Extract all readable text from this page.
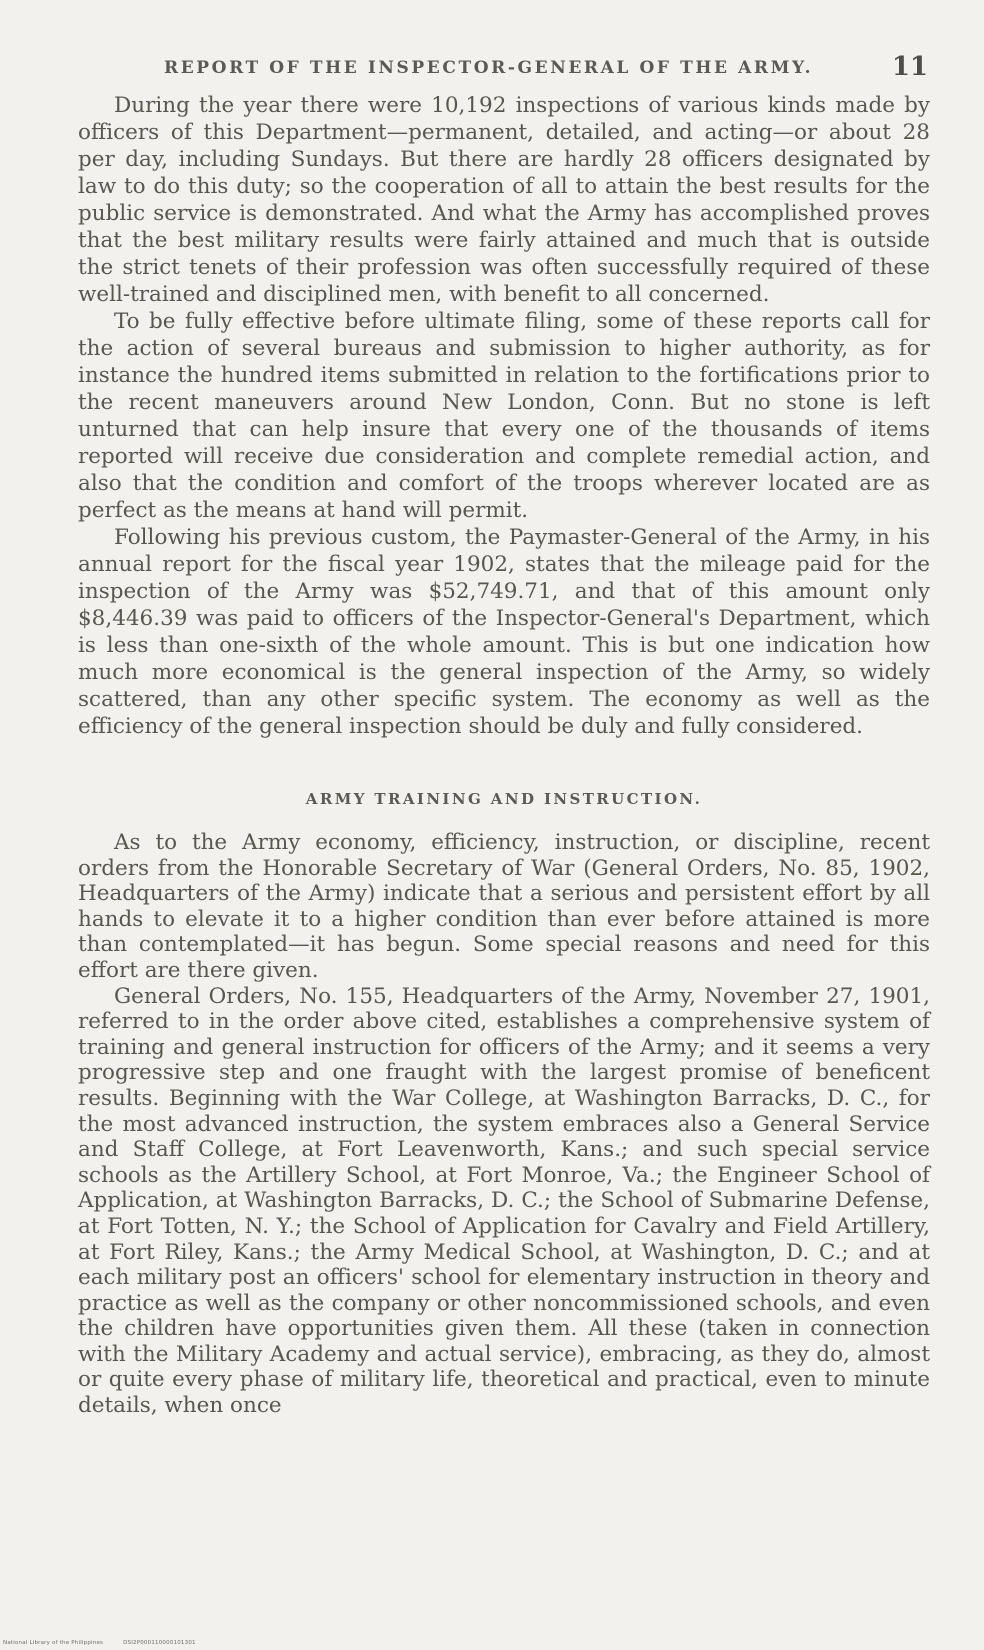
REPORT OF THE INSPECTOR-GENERAL OF THE ARMY.	11

During the year there were 10,192 inspections of various kinds made by officers of this Department—permanent, detailed, and acting—or about 28 per day, including Sundays. But there are hardly 28 officers designated by law to do this duty; so the cooperation of all to attain the best results for the public service is demonstrated. And what the Army has accomplished proves that the best military results were fairly attained and much that is outside the strict tenets of their profession was often successfully required of these well-trained and disciplined men, with benefit to all concerned.

To be fully effective before ultimate filing, some of these reports call for the action of several bureaus and submission to higher authority, as for instance the hundred items submitted in relation to the fortifications prior to the recent maneuvers around New London, Conn. But no stone is left unturned that can help insure that every one of the thousands of items reported will receive due consideration and complete remedial action, and also that the condition and comfort of the troops wherever located are as perfect as the means at hand will permit.

Following his previous custom, the Paymaster-General of the Army, in his annual report for the fiscal year 1902, states that the mileage paid for the inspection of the Army was $52,749.71, and that of this amount only $8,446.39 was paid to officers of the Inspector-General's Department, which is less than one-sixth of the whole amount. This is but one indication how much more economical is the general inspection of the Army, so widely scattered, than any other specific system. The economy as well as the efficiency of the general inspection should be duly and fully considered.

ARMY TRAINING AND INSTRUCTION.

As to the Army economy, efficiency, instruction, or discipline, recent orders from the Honorable Secretary of War (General Orders, No. 85, 1902, Headquarters of the Army) indicate that a serious and persistent effort by all hands to elevate it to a higher condition than ever before attained is more than contemplated—it has begun. Some special reasons and need for this effort are there given.

General Orders, No. 155, Headquarters of the Army, November 27, 1901, referred to in the order above cited, establishes a comprehensive system of training and general instruction for officers of the Army; and it seems a very progressive step and one fraught with the largest promise of beneficent results. Beginning with the War College, at Washington Barracks, D. C., for the most advanced instruction, the system embraces also a General Service and Staff College, at Fort Leavenworth, Kans.; and such special service schools as the Artillery School, at Fort Monroe, Va.; the Engineer School of Application, at Washington Barracks, D. C.; the School of Submarine Defense, at Fort Totten, N. Y.; the School of Application for Cavalry and Field Artillery, at Fort Riley, Kans.; the Army Medical School, at Washington, D. C.; and at each military post an officers' school for elementary instruction in theory and practice as well as the company or other noncommissioned schools, and even the children have opportunities given them. All these (taken in connection with the Military Academy and actual service), embracing, as they do, almost or quite every phase of military life, theoretical and practical, even to minute details, when once

National Library of the Philippines	DSI2P000110000101301
